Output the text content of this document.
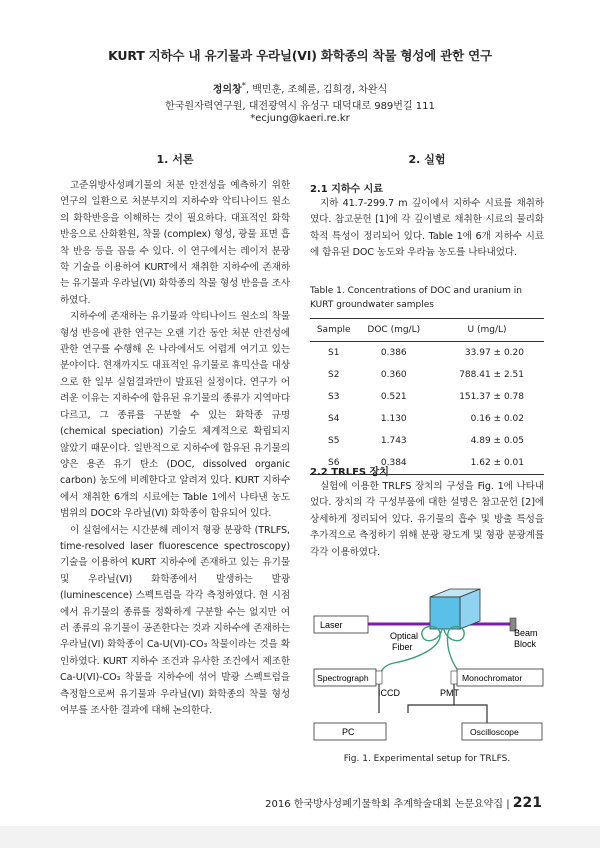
KURT 지하수 내 유기물과 우라닐(VI) 화학종의 착물 형성에 관한 연구
정의창*, 백민훈, 조혜륜, 김희경, 차완식
한국원자력연구원, 대전광역시 유성구 대덕대로 989번길 111
*ecjung@kaeri.re.kr
1. 서론

고준위방사성폐기물의 처분 안전성을 예측하기 위한 연구의 일환으로 처분부지의 지하수와 악티나이드 원소의 화학반응을 이해하는 것이 필요하다. 대표적인 화학반응으로 산화환원, 착물 (complex) 형성, 광물 표면 흡착 반응 등을 꼽을 수 있다. 이 연구에서는 레이저 분광학 기술을 이용하여 KURT에서 채취한 지하수에 존재하는 유기물과 우라닐(VI) 화학종의 착물 형성 반응을 조사하였다.

지하수에 존재하는 유기물과 악티나이드 원소의 착물 형성 반응에 관한 연구는 오랜 기간 동안 처분 안전성에 관한 연구를 수행해 온 나라에서도 어렵게 여기고 있는 분야이다. 현재까지도 대표적인 유기물로 휴믹산을 대상으로 한 일부 실험결과만이 발표된 실정이다. 연구가 어려운 이유는 지하수에 함유된 유기물의 종류가 지역마다 다르고, 그 종류를 구분할 수 있는 화학종 규명 (chemical speciation) 기술도 체계적으로 확립되지 않았기 때문이다. 일반적으로 지하수에 함유된 유기물의 양은 용존 유기 탄소 (DOC, dissolved organic carbon) 농도에 비례한다고 알려져 있다. KURT 지하수에서 채취한 6개의 시료에는 Table 1에서 나타낸 농도 범위의 DOC와 우라닐(VI) 화학종이 함유되어 있다.

이 실험에서는 시간분해 레이저 형광 분광학 (TRLFS, time-resolved laser fluorescence spectroscopy) 기술을 이용하여 KURT 지하수에 존재하고 있는 유기물 및 우라닐(VI) 화학종에서 발생하는 발광 (luminescence) 스펙트럼을 각각 측정하였다. 현 시점에서 유기물의 종류를 정확하게 구분할 수는 없지만 여러 종류의 유기물이 공존한다는 것과 지하수에 존재하는 우라닐(VI) 화학종이 Ca-U(VI)-CO₃ 착물이라는 것을 확인하였다. KURT 지하수 조건과 유사한 조건에서 제조한 Ca-U(VI)-CO₃ 착물을 지하수에 섞어 발광 스펙트럼을 측정함으로써 유기물과 우라닐(VI) 화학종의 착물 형성 여부를 조사한 결과에 대해 논의한다.

2. 실험
2.1 지하수 시료

지하 41.7-299.7 m 깊이에서 지하수 시료를 채취하였다. 참고문헌 [1]에 각 깊이별로 채취한 시료의 물리화학적 특성이 정리되어 있다. Table 1에 6개 지하수 시료에 함유된 DOC 농도와 우라늄 농도를 나타내었다.

Table 1. Concentrations of DOC and uranium in KURT groundwater samples
Sample	DOC (mg/L)	U (mg/L)
S1	0.386	33.97 ± 0.20
S2	0.360	788.41 ± 2.51
S3	0.521	151.37 ± 0.78
S4	1.130	0.16 ± 0.02
S5	1.743	4.89 ± 0.05
S6	0.384	1.62 ± 0.01
2.2 TRLFS 장치

실험에 이용한 TRLFS 장치의 구성을 Fig. 1에 나타내었다. 장치의 각 구성부품에 대한 설명은 참고문헌 [2]에 상세하게 정리되어 있다. 유기물의 흡수 및 방출 특성을 추가적으로 측정하기 위해 분광 광도계 및 형광 분광계를 각각 이용하였다.

Laser
Beam
Block
Optical
Fiber
Spectrograph
ICCD
Monochromator
PMT
PC	Oscilloscope
Fig. 1. Experimental setup for TRLFS.
2016 한국방사성폐기물학회 추계학술대회 논문요약집 | 221
